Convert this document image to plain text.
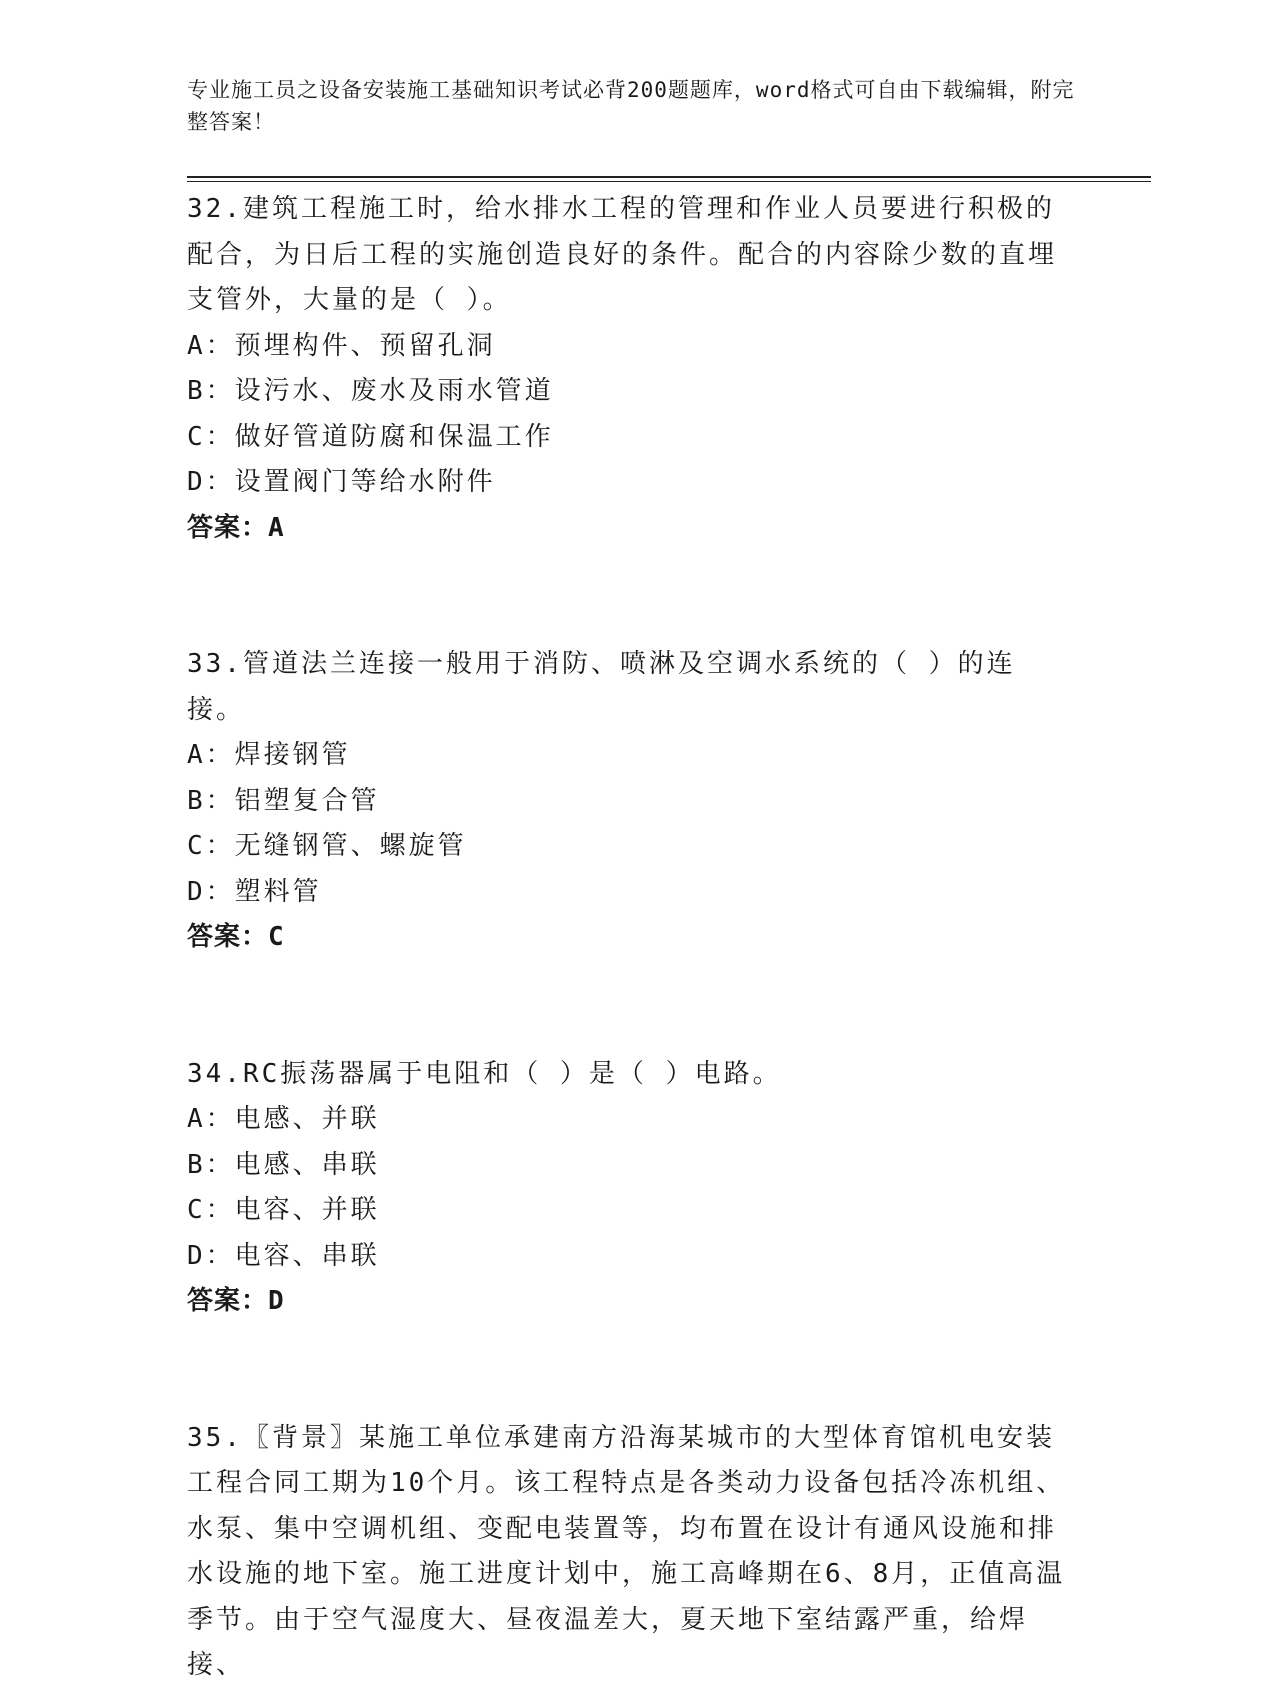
专业施工员之设备安装施工基础知识考试必背200题题库，word格式可自由下载编辑，附完整答案！
32.建筑工程施工时，给水排水工程的管理和作业人员要进行积极的配合，为日后工程的实施创造良好的条件。配合的内容除少数的直埋支管外，大量的是（ ）。
A：预埋构件、预留孔洞
B：设污水、废水及雨水管道
C：做好管道防腐和保温工作
D：设置阀门等给水附件
答案：A
33.管道法兰连接一般用于消防、喷淋及空调水系统的（ ）的连接。
A：焊接钢管
B：铝塑复合管
C：无缝钢管、螺旋管
D：塑料管
答案：C
34.RC振荡器属于电阻和（ ）是（ ）电路。
A：电感、并联
B：电感、串联
C：电容、并联
D：电容、串联
答案：D
35.〖背景〗某施工单位承建南方沿海某城市的大型体育馆机电安装工程合同工期为10个月。该工程特点是各类动力设备包括冷冻机组、水泵、集中空调机组、变配电装置等，均布置在设计有通风设施和排水设施的地下室。施工进度计划中，施工高峰期在6、8月，正值高温季节。由于空气湿度大、昼夜温差大，夏天地下室结露严重，给焊接、
